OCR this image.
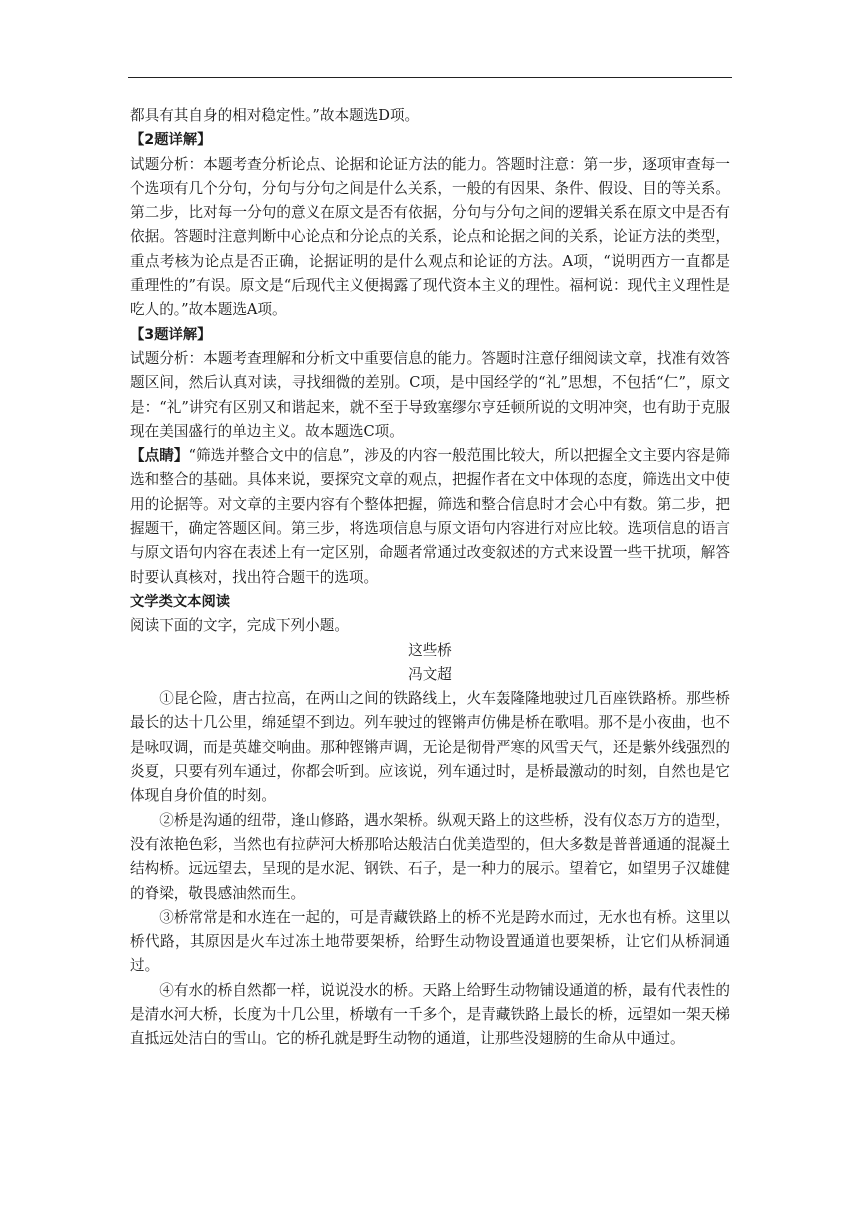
都具有其自身的相对稳定性。”故本题选D项。

【2题详解】

试题分析：本题考查分析论点、论据和论证方法的能力。答题时注意：第一步，逐项审查每一个选项有几个分句，分句与分句之间是什么关系，一般的有因果、条件、假设、目的等关系。第二步，比对每一分句的意义在原文是否有依据，分句与分句之间的逻辑关系在原文中是否有依据。答题时注意判断中心论点和分论点的关系，论点和论据之间的关系，论证方法的类型，重点考核为论点是否正确，论据证明的是什么观点和论证的方法。A项，“说明西方一直都是重理性的”有误。原文是“后现代主义便揭露了现代资本主义的理性。福柯说：现代主义理性是吃人的。”故本题选A项。

【3题详解】

试题分析：本题考查理解和分析文中重要信息的能力。答题时注意仔细阅读文章，找准有效答题区间，然后认真对读，寻找细微的差别。C项，是中国经学的“礼”思想，不包括“仁”，原文是：“礼”讲究有区别又和谐起来，就不至于导致塞缪尔亨廷顿所说的文明冲突，也有助于克服现在美国盛行的单边主义。故本题选C项。

【点睛】“筛选并整合文中的信息”，涉及的内容一般范围比较大，所以把握全文主要内容是筛选和整合的基础。具体来说，要探究文章的观点，把握作者在文中体现的态度，筛选出文中使用的论据等。对文章的主要内容有个整体把握，筛选和整合信息时才会心中有数。第二步，把握题干，确定答题区间。第三步，将选项信息与原文语句内容进行对应比较。选项信息的语言与原文语句内容在表述上有一定区别，命题者常通过改变叙述的方式来设置一些干扰项，解答时要认真核对，找出符合题干的选项。

文学类文本阅读

阅读下面的文字，完成下列小题。

这些桥

冯文超

①昆仑险，唐古拉高，在两山之间的铁路线上，火车轰隆隆地驶过几百座铁路桥。那些桥最长的达十几公里，绵延望不到边。列车驶过的铿锵声仿佛是桥在歌唱。那不是小夜曲，也不是咏叹调，而是英雄交响曲。那种铿锵声调，无论是彻骨严寒的风雪天气，还是紫外线强烈的炎夏，只要有列车通过，你都会听到。应该说，列车通过时，是桥最激动的时刻，自然也是它体现自身价值的时刻。

②桥是沟通的纽带，逢山修路，遇水架桥。纵观天路上的这些桥，没有仪态万方的造型，没有浓艳色彩，当然也有拉萨河大桥那哈达般洁白优美造型的，但大多数是普普通通的混凝土结构桥。远远望去，呈现的是水泥、钢铁、石子，是一种力的展示。望着它，如望男子汉雄健的脊梁，敬畏感油然而生。

③桥常常是和水连在一起的，可是青藏铁路上的桥不光是跨水而过，无水也有桥。这里以桥代路，其原因是火车过冻土地带要架桥，给野生动物设置通道也要架桥，让它们从桥洞通过。

④有水的桥自然都一样，说说没水的桥。天路上给野生动物铺设通道的桥，最有代表性的是清水河大桥，长度为十几公里，桥墩有一千多个，是青藏铁路上最长的桥，远望如一架天梯直抵远处洁白的雪山。它的桥孔就是野生动物的通道，让那些没翅膀的生命从中通过。
